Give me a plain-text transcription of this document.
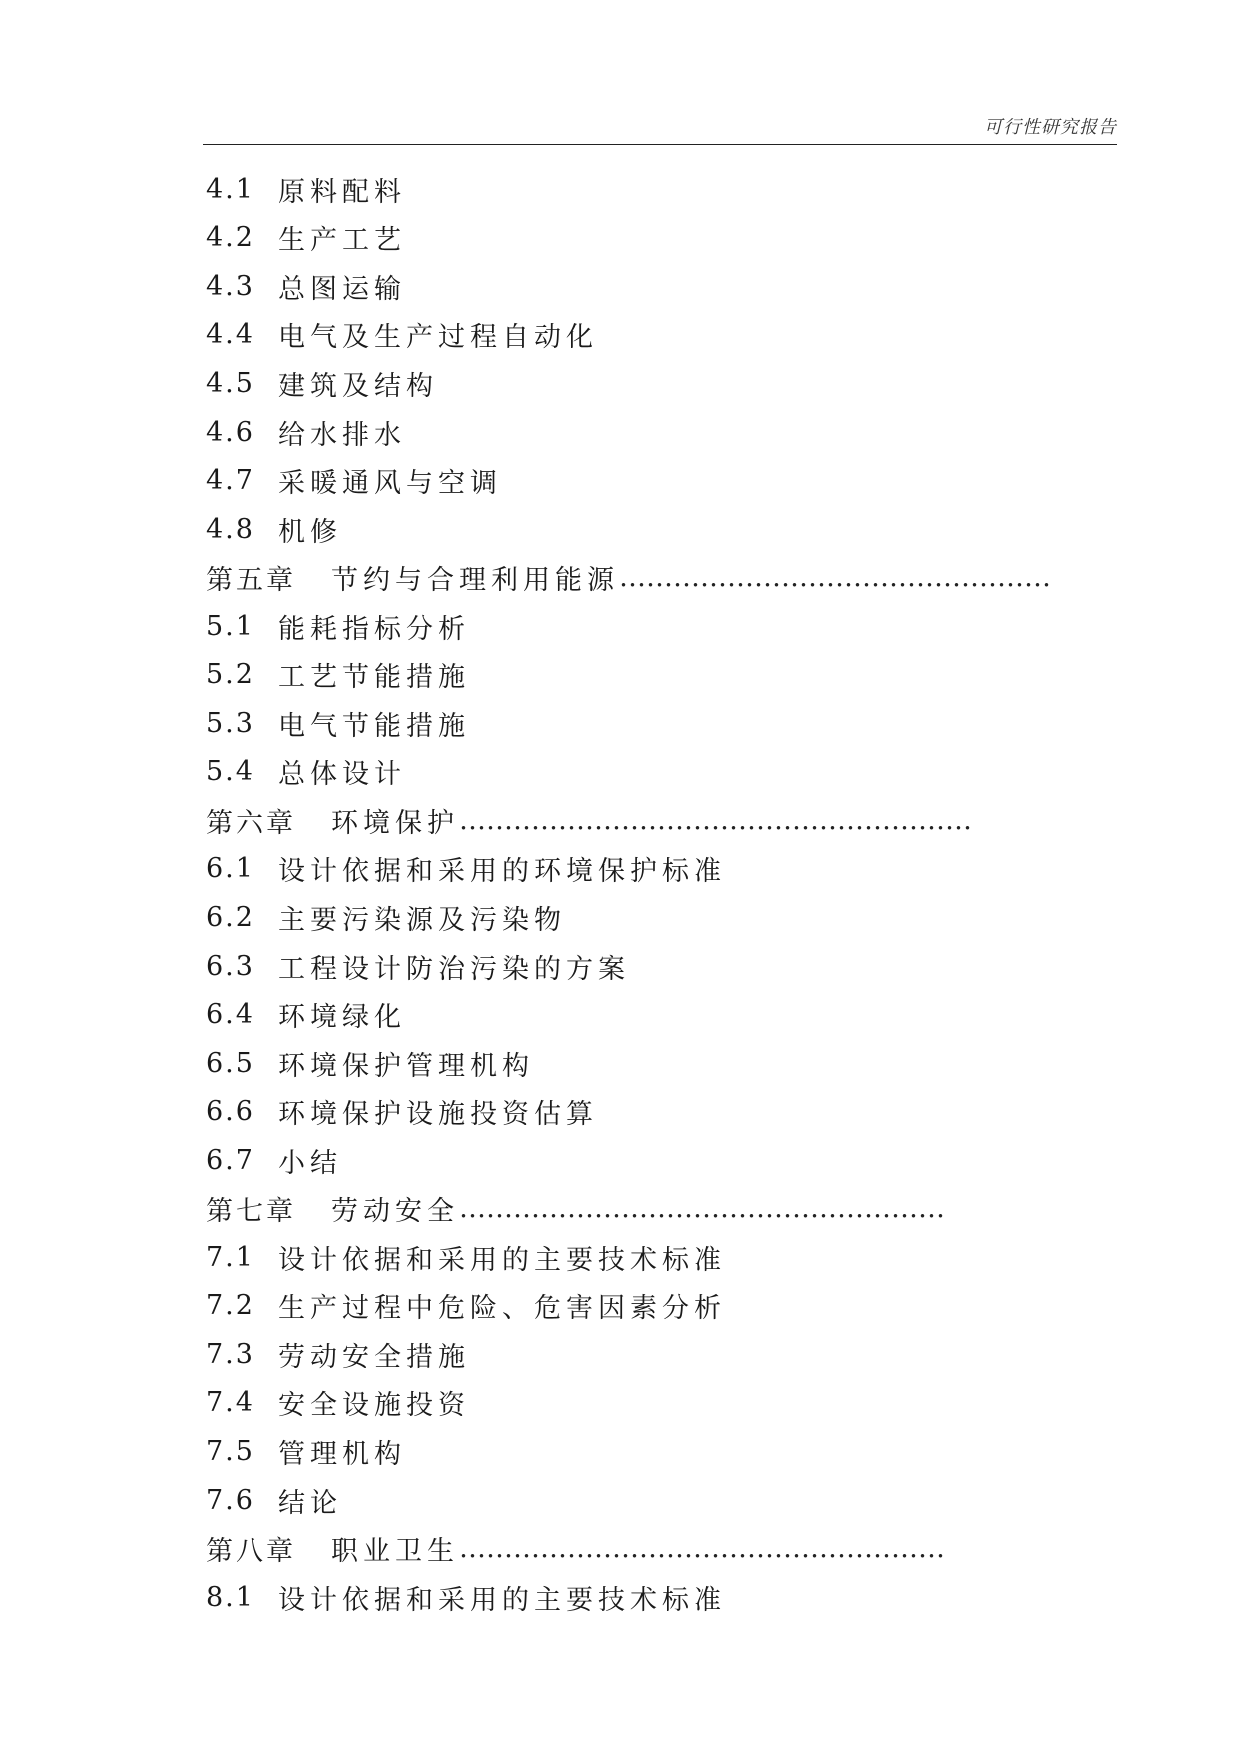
可行性研究报告
4.1 原料配料
4.2 生产工艺
4.3 总图运输
4.4 电气及生产过程自动化
4.5 建筑及结构
4.6 给水排水
4.7 采暖通风与空调
4.8 机修
第五章	节约与合理利用能源 …………………………………………
5.1 能耗指标分析
5.2 工艺节能措施
5.3 电气节能措施
5.4 总体设计
第六章	环境保护 …………………………………………………
6.1 设计依据和采用的环境保护标准
6.2 主要污染源及污染物
6.3 工程设计防治污染的方案
6.4 环境绿化
6.5 环境保护管理机构
6.6 环境保护设施投资估算
6.7 小结
第七章	劳动安全 ………………………………………………
7.1 设计依据和采用的主要技术标准
7.2 生产过程中危险、危害因素分析
7.3 劳动安全措施
7.4 安全设施投资
7.5 管理机构
7.6 结论
第八章	职业卫生 ………………………………………………
8.1 设计依据和采用的主要技术标准
